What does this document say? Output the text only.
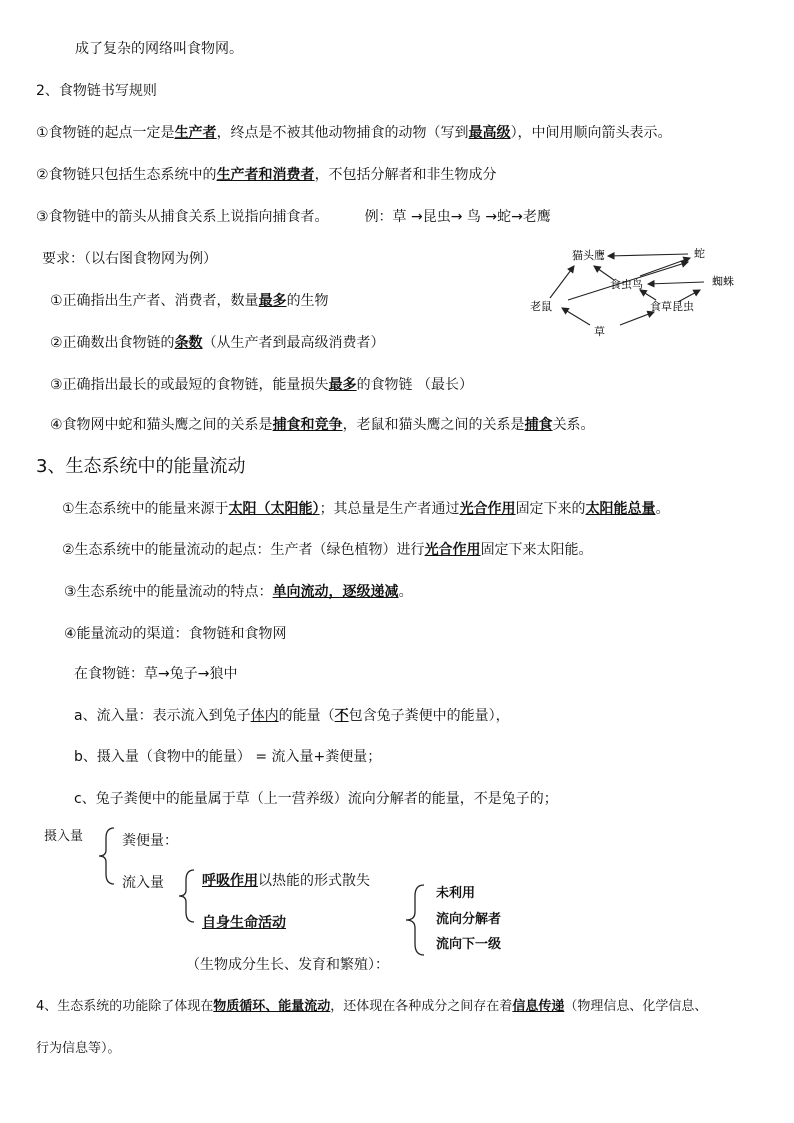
成了复杂的网络叫食物网。
2、食物链书写规则
①食物链的起点一定是生产者，终点是不被其他动物捕食的动物（写到最高级），中间用顺向箭头表示。
②食物链只包括生态系统中的生产者和消费者，不包括分解者和非生物成分
③食物链中的箭头从捕食关系上说指向捕食者。	例：草 →昆虫→ 鸟 →蛇→老鹰
要求：（以右图食物网为例）
①正确指出生产者、消费者，数量最多的生物
②正确数出食物链的条数（从生产者到最高级消费者）
③正确指出最长的或最短的食物链，能量损失最多的食物链 （最长）
④食物网中蛇和猫头鹰之间的关系是捕食和竞争，老鼠和猫头鹰之间的关系是捕食关系。
猫头鹰	蛇
食虫鸟	蜘蛛
食草昆虫
老鼠
草
3、生态系统中的能量流动
①生态系统中的能量来源于太阳（太阳能）；其总量是生产者通过光合作用固定下来的太阳能总量。
②生态系统中的能量流动的起点：生产者（绿色植物）进行光合作用固定下来太阳能。
③生态系统中的能量流动的特点：单向流动，逐级递减。
④能量流动的渠道：食物链和食物网
在食物链：草→兔子→狼中
a、流入量：表示流入到兔子体内的能量（不包含兔子粪便中的能量），
b、摄入量（食物中的能量） = 流入量+粪便量；
c、兔子粪便中的能量属于草（上一营养级）流向分解者的能量，不是兔子的；
摄入量	粪便量：
流入量	呼吸作用以热能的形式散失
自身生命活动
未利用
流向分解者
流向下一级
（生物成分生长、发育和繁殖）：
4、生态系统的功能除了体现在物质循环、能量流动，还体现在各种成分之间存在着信息传递（物理信息、化学信息、
行为信息等）。
